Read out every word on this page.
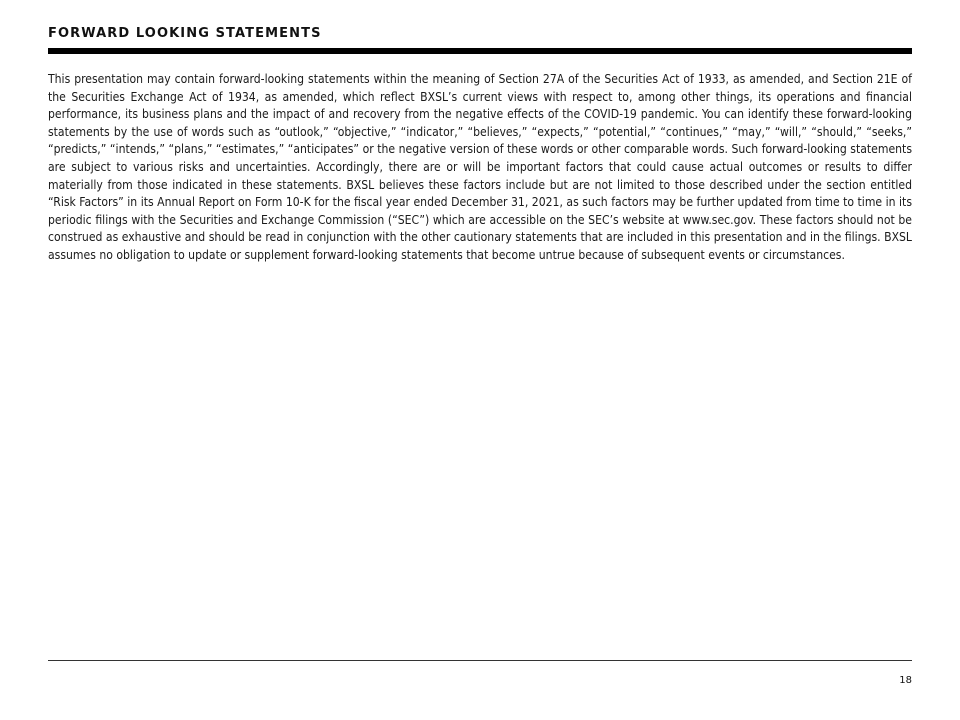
FORWARD LOOKING STATEMENTS

This presentation may contain forward-looking statements within the meaning of Section 27A of the Securities Act of 1933, as amended, and Section 21E of the Securities Exchange Act of 1934, as amended, which reflect BXSL’s current views with respect to, among other things, its operations and financial performance, its business plans and the impact of and recovery from the negative effects of the COVID-19 pandemic. You can identify these forward-looking statements by the use of words such as “outlook,” “objective,” “indicator,” “believes,” “expects,” “potential,” “continues,” “may,” “will,” “should,” “seeks,” “predicts,” “intends,” “plans,” “estimates,” “anticipates” or the negative version of these words or other comparable words. Such forward-looking statements are subject to various risks and uncertainties. Accordingly, there are or will be important factors that could cause actual outcomes or results to differ materially from those indicated in these statements. BXSL believes these factors include but are not limited to those described under the section entitled “Risk Factors” in its Annual Report on Form 10-K for the fiscal year ended December 31, 2021, as such factors may be further updated from time to time in its periodic filings with the Securities and Exchange Commission (“SEC”) which are accessible on the SEC’s website at www.sec.gov. These factors should not be construed as exhaustive and should be read in conjunction with the other cautionary statements that are included in this presentation and in the filings. BXSL assumes no obligation to update or supplement forward-looking statements that become untrue because of subsequent events or circumstances.

18
